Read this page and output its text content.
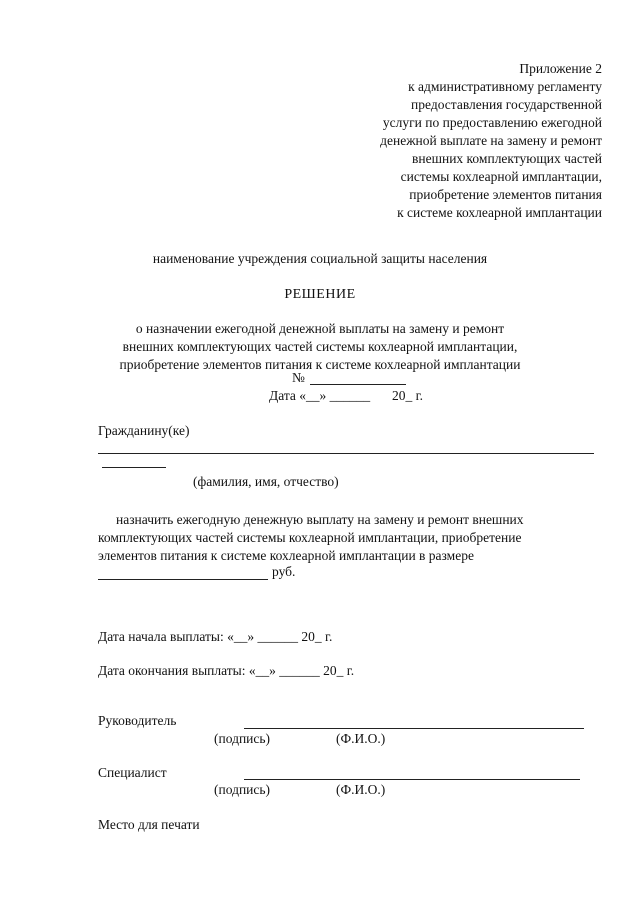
Приложение 2
к административному регламенту
предоставления государственной
услуги по предоставлению ежегодной
денежной выплате на замену и ремонт
внешних комплектующих частей
системы кохлеарной имплантации,
приобретение элементов питания
к системе кохлеарной имплантации
наименование учреждения социальной защиты населения
РЕШЕНИЕ
о назначении ежегодной денежной выплаты на замену и ремонт
внешних комплектующих частей системы кохлеарной имплантации,
приобретение элементов питания к системе кохлеарной имплантации
№
Дата «__» ______ 20_ г.
Гражданину(ке)
(фамилия, имя, отчество)
назначить ежегодную денежную выплату на замену и ремонт внешних
комплектующих частей системы кохлеарной имплантации, приобретение
элементов питания к системе кохлеарной имплантации в размере
руб.
Дата начала выплаты: «__» ______ 20_ г.
Дата окончания выплаты: «__» ______ 20_ г.
Руководитель
(подпись)	(Ф.И.О.)
Специалист
(подпись)	(Ф.И.О.)
Место для печати
